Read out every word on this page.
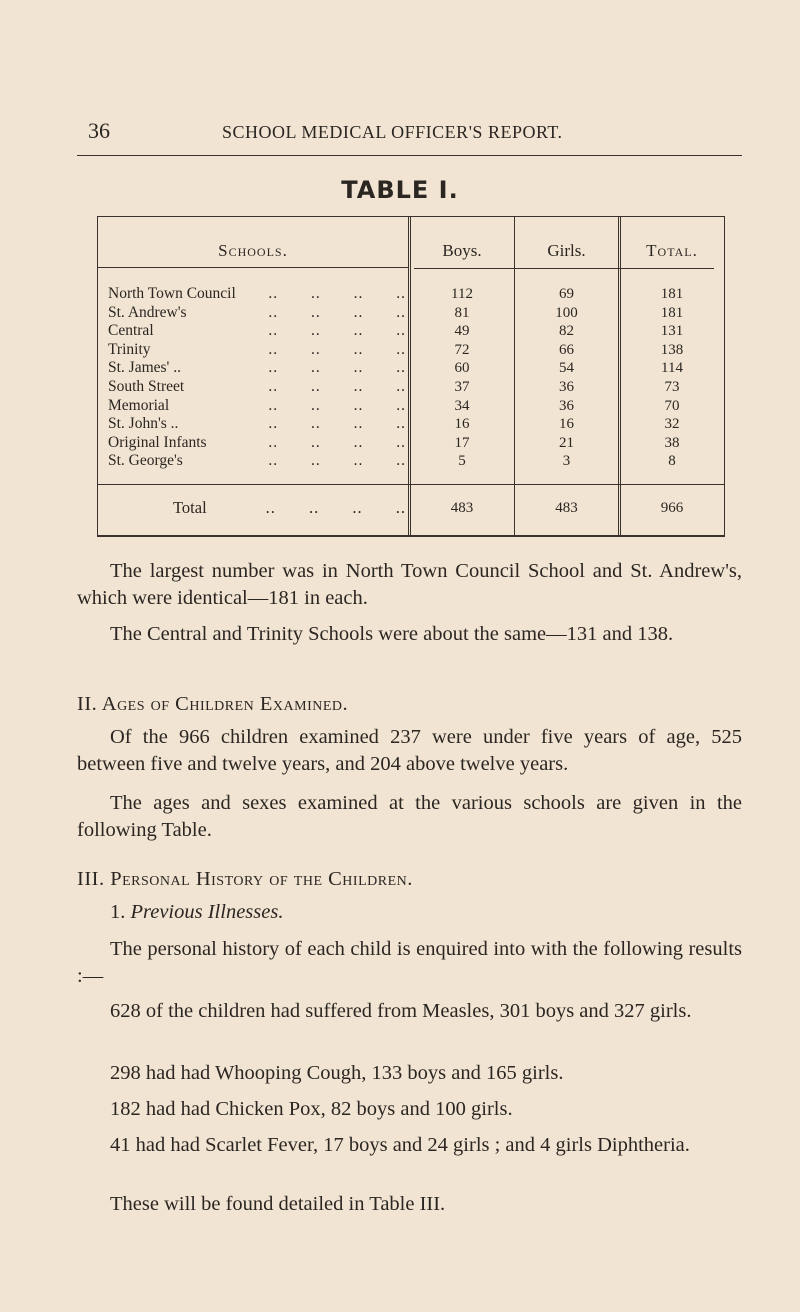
36	SCHOOL MEDICAL OFFICER'S REPORT.
TABLE I.
Schools.	Boys.	Girls.	Total.
North Town Council	.. .. .. ..	112	69	181
St. Andrew's	.. .. .. ..	81	100	181
Central	.. .. .. ..	49	82	131
Trinity	.. .. .. ..	72	66	138
St. James' ..	.. .. .. ..	60	54	114
South Street	.. .. .. ..	37	36	73
Memorial	.. .. .. ..	34	36	70
St. John's ..	.. .. .. ..	16	16	32
Original Infants	.. .. .. ..	17	21	38
St. George's	.. .. .. ..	5	3	8
Total	.. .. .. ..	483	483	966
The largest number was in North Town Council School and St. Andrew's, which were identical—181 in each.
The Central and Trinity Schools were about the same—131 and 138.
II. Ages of Children Examined.
Of the 966 children examined 237 were under five years of age, 525 between five and twelve years, and 204 above twelve years.
The ages and sexes examined at the various schools are given in the following Table.
III. Personal History of the Children.
1. Previous Illnesses.
The personal history of each child is enquired into with the following results :—
628 of the children had suffered from Measles, 301 boys and 327 girls.
298 had had Whooping Cough, 133 boys and 165 girls.
182 had had Chicken Pox, 82 boys and 100 girls.
41 had had Scarlet Fever, 17 boys and 24 girls ; and 4 girls Diphtheria.
These will be found detailed in Table III.
